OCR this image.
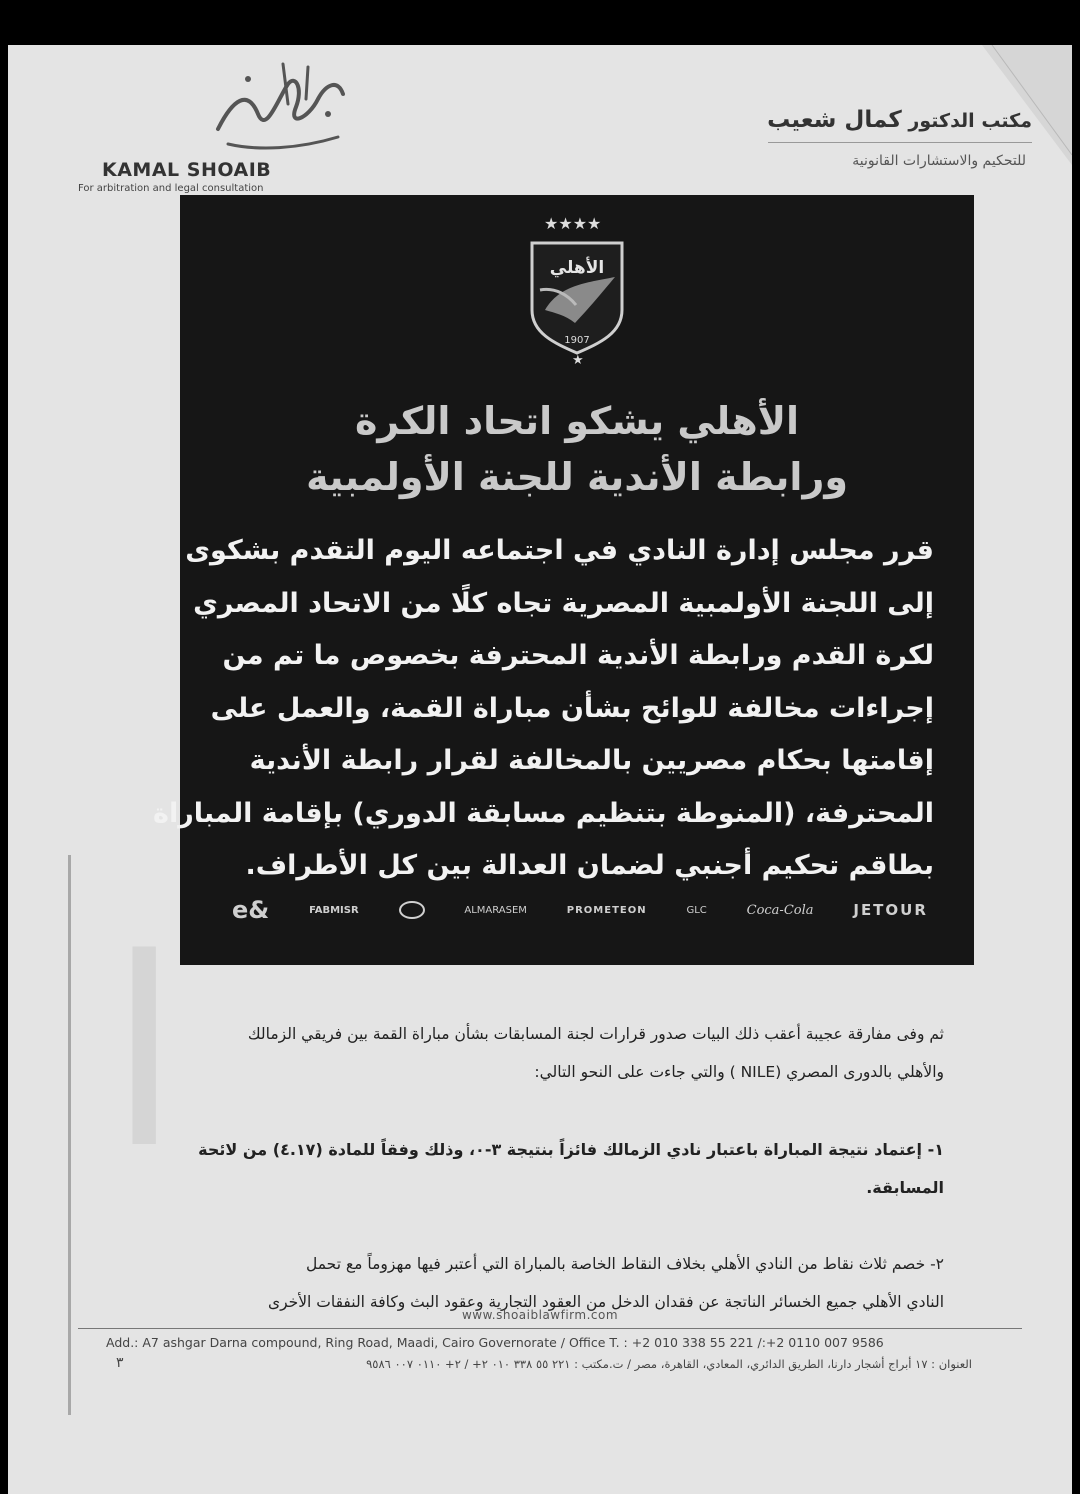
ا
KAMAL SHOAIB
For arbitration and legal consultation
مكتب الدكتور كمال شعيب
للتحكيم والاستشارات القانونية
★★★★
الأهلي
1907
★
الأهلي يشكو اتحاد الكرة
ورابطة الأندية للجنة الأولمبية

قرر مجلس إدارة النادي في اجتماعه اليوم التقدم بشكوى

إلى اللجنة الأولمبية المصرية تجاه كلًا من الاتحاد المصري

لكرة القدم ورابطة الأندية المحترفة بخصوص ما تم من

إجراءات مخالفة للوائح بشأن مباراة القمة، والعمل على

إقامتها بحكام مصريين بالمخالفة لقرار رابطة الأندية

المحترفة، (المنوطة بتنظيم مسابقة الدوري) بإقامة المباراة

بطاقم تحكيم أجنبي لضمان العدالة بين كل الأطراف.

e&	FABMISR	ALMARASEM	PROMETEON	GLC	Coca-Cola	JETOUR

ثم وفى مفارقة عجيبة أعقب ذلك البيات صدور قرارات لجنة المسابقات بشأن مباراة القمة بين فريقي الزمالك

والأهلي بالدورى المصري (NILE ) والتي جاءت على النحو التالي:

١- إعتماد نتيجة المباراة باعتبار نادي الزمالك فائزاً بنتيجة ٣-٠، وذلك وفقاً للمادة (٤.١٧) من لائحة

المسابقة.

٢- خصم ثلاث نقاط من النادي الأهلي بخلاف النقاط الخاصة بالمباراة التي أعتبر فيها مهزوماً مع تحمل

النادي الأهلي جميع الخسائر الناتجة عن فقدان الدخل من العقود التجارية وعقود البث وكافة النفقات الأخرى

www.shoaiblawfirm.com
Add.: A7 ashgar Darna compound, Ring Road, Maadi, Cairo Governorate / Office T. : +2 010 338 55 221 /:+2 0110 007 9586
٣	العنوان : ١٧ أبراج أشجار دارنا، الطريق الدائري، المعادي، القاهرة، مصر / ت.مكتب : ٢٢١ ٥٥ ٣٣٨ ٠١٠ ٢+ / ٢+ ٠١١٠ ٠٠٧ ٩٥٨٦
